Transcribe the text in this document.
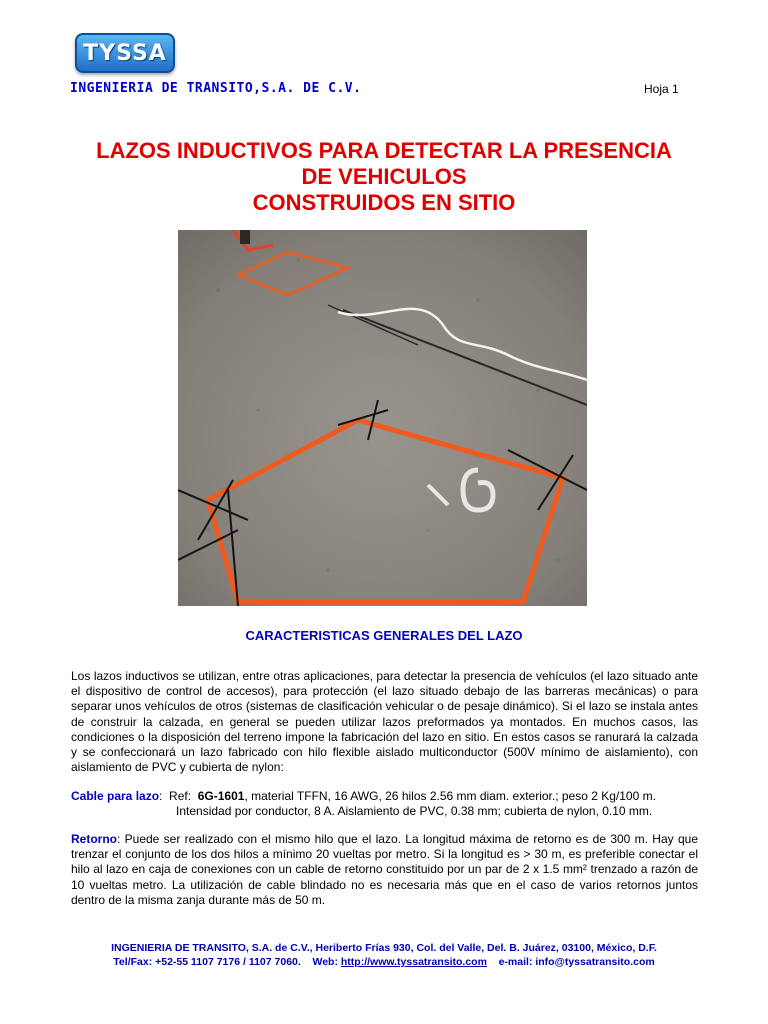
TYSSA
INGENIERIA DE TRANSITO,S.A. DE C.V.	Hoja 1
LAZOS INDUCTIVOS PARA DETECTAR LA PRESENCIA
DE VEHICULOS
CONSTRUIDOS EN SITIO
CARACTERISTICAS GENERALES DEL LAZO

Los lazos inductivos se utilizan, entre otras aplicaciones, para detectar la presencia de vehículos (el lazo situado ante el dispositivo de control de accesos), para protección (el lazo situado debajo de las barreras mecánicas) o para separar unos vehículos de otros (sistemas de clasificación vehicular o de pesaje dinámico). Si el lazo se instala antes de construir la calzada, en general se pueden utilizar lazos preformados ya montados. En muchos casos, las condiciones o la disposición del terreno impone la fabricación del lazo en sitio. En estos casos se ranurará la calzada y se confeccionará un lazo fabricado con hilo flexible aislado multiconductor (500V mínimo de aislamiento), con aislamiento de PVC y cubierta de nylon:

Cable para lazo:  Ref: 6G-1601, material TFFN, 16 AWG, 26 hilos 2.56 mm diam. exterior.; peso 2 Kg/100 m.
Intensidad por conductor, 8 A. Aislamiento de PVC, 0.38 mm; cubierta de nylon, 0.10 mm.

Retorno: Puede ser realizado con el mismo hilo que el lazo. La longitud máxima de retorno es de 300 m. Hay que trenzar el conjunto de los dos hilos a mínimo 20 vueltas por metro. Si la longitud es > 30 m, es preferible conectar el hilo al lazo en caja de conexiones con un cable de retorno constituido por un par de 2 x 1.5 mm² trenzado a razón de 10 vueltas metro. La utilización de cable blindado no es necesaria más que en el caso de varios retornos juntos dentro de la misma zanja durante más de 50 m.

INGENIERIA DE TRANSITO, S.A. de C.V., Heriberto Frías 930, Col. del Valle, Del. B. Juárez, 03100, México, D.F.
Tel/Fax: +52-55 1107 7176 / 1107 7060. Web: http://www.tyssatransito.com e-mail: info@tyssatransito.com
